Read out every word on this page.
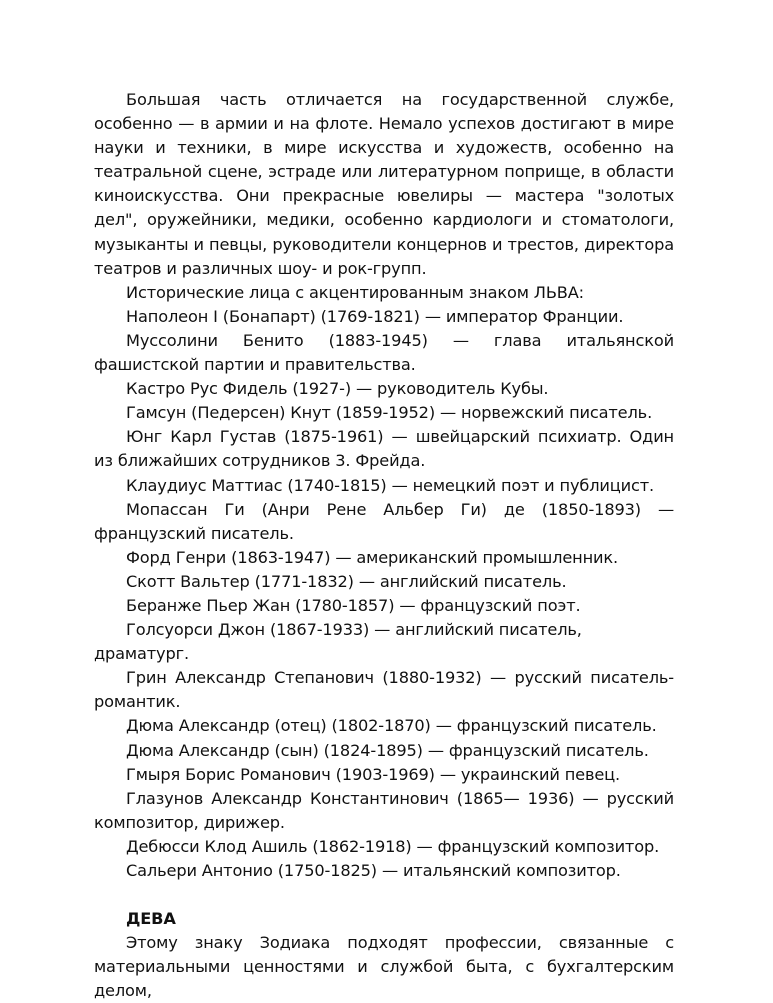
Большая часть отличается на государственной службе, особенно — в армии и на флоте. Немало успехов достигают в мире науки и техники, в мире искусства и художеств, особенно на театральной сцене, эстраде или литературном поприще, в области киноискусства. Они прекрасные ювелиры — мастера "золотых дел", оружейники, медики, особенно кардиологи и стоматологи, музыканты и певцы, руководители концернов и трестов, директора театров и различных шоу- и рок-групп.

Исторические лица с акцентированным знаком ЛЬВА:

Наполеон I (Бонапарт) (1769-1821) — император Франции.

Муссолини Бенито (1883-1945) — глава итальянской фашистской партии и правительства.

Кастро Рус Фидель (1927-) — руководитель Кубы.

Гамсун (Педерсен) Кнут (1859-1952) — норвежский писатель.

Юнг Карл Густав (1875-1961) — швейцарский психиатр. Один из ближайших сотрудников 3. Фрейда.

Клаудиус Маттиас (1740-1815) — немецкий поэт и публицист.

Мопассан Ги (Анри Рене Альбер Ги) де (1850-1893) — французский писатель.

Форд Генри (1863-1947) — американский промышленник.

Скотт Вальтер (1771-1832) — английский писатель.

Беранже Пьер Жан (1780-1857) — французский поэт.

Голсуорси Джон (1867-1933) — английский писатель, драматург.

Грин Александр Степанович (1880-1932) — русский писатель-романтик.

Дюма Александр (отец) (1802-1870) — французский писатель.

Дюма Александр (сын) (1824-1895) — французский писатель.

Гмыря Борис Романович (1903-1969) — украинский певец.

Глазунов Александр Константинович (1865— 1936) — русский композитор, дирижер.

Дебюсси Клод Ашиль (1862-1918) — французский композитор.

Сальери Антонио (1750-1825) — итальянский композитор.

ДЕВА

Этому знаку Зодиака подходят профессии, связанные с материальными ценностями и службой быта, с бухгалтерским делом,
